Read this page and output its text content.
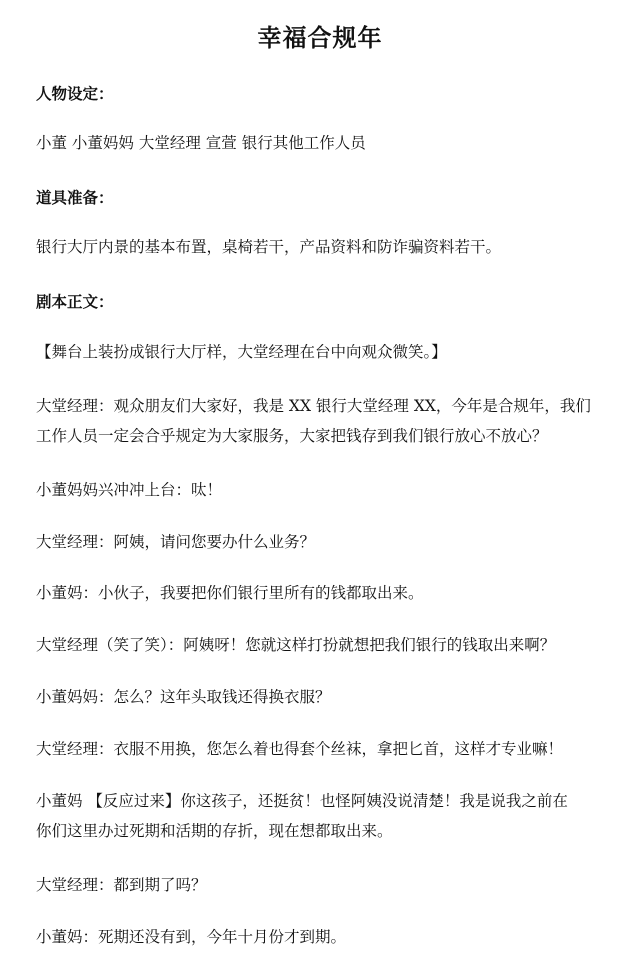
幸福合规年
人物设定：
小董 小董妈妈 大堂经理 宣萱 银行其他工作人员
道具准备：
银行大厅内景的基本布置，桌椅若干，产品资料和防诈骗资料若干。
剧本正文：
【舞台上装扮成银行大厅样，大堂经理在台中向观众微笑。】
大堂经理：观众朋友们大家好，我是 XX 银行大堂经理 XX，今年是合规年，我们
工作人员一定会合乎规定为大家服务，大家把钱存到我们银行放心不放心？
小董妈妈兴冲冲上台：呔！
大堂经理：阿姨，请问您要办什么业务？
小董妈：小伙子，我要把你们银行里所有的钱都取出来。
大堂经理（笑了笑）：阿姨呀！您就这样打扮就想把我们银行的钱取出来啊？
小董妈妈：怎么？这年头取钱还得换衣服？
大堂经理：衣服不用换，您怎么着也得套个丝袜，拿把匕首，这样才专业嘛！
小董妈 【反应过来】你这孩子，还挺贫！也怪阿姨没说清楚！我是说我之前在
你们这里办过死期和活期的存折，现在想都取出来。
大堂经理：都到期了吗？
小董妈：死期还没有到，今年十月份才到期。
